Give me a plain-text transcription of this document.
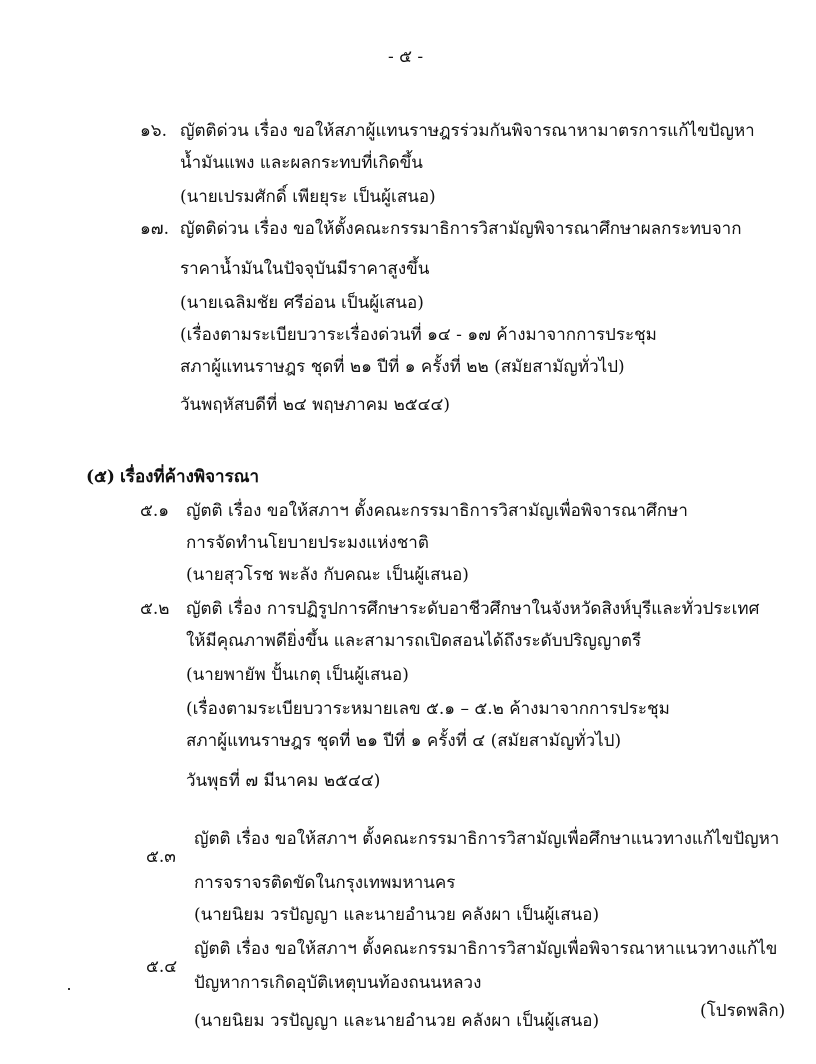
- ๕ -
๑๖. ญัตติด่วน เรื่อง ขอให้สภาผู้แทนราษฎรร่วมกันพิจารณาหามาตรการแก้ไขปัญหา
น้ำมันแพง และผลกระทบที่เกิดขึ้น
(นายเปรมศักดิ์ เพียยุระ เป็นผู้เสนอ)
๑๗. ญัตติด่วน เรื่อง ขอให้ตั้งคณะกรรมาธิการวิสามัญพิจารณาศึกษาผลกระทบจาก
ราคาน้ำมันในปัจจุบันมีราคาสูงขึ้น
(นายเฉลิมชัย ศรีอ่อน เป็นผู้เสนอ)
(เรื่องตามระเบียบวาระเรื่องด่วนที่ ๑๔ - ๑๗ ค้างมาจากการประชุม
สภาผู้แทนราษฎร ชุดที่ ๒๑ ปีที่ ๑ ครั้งที่ ๒๒ (สมัยสามัญทั่วไป)
วันพฤหัสบดีที่ ๒๔ พฤษภาคม ๒๕๔๔)
(๕) เรื่องที่ค้างพิจารณา
๕.๑ ญัตติ เรื่อง ขอให้สภาฯ ตั้งคณะกรรมาธิการวิสามัญเพื่อพิจารณาศึกษา
การจัดทำนโยบายประมงแห่งชาติ
(นายสุวโรช พะลัง กับคณะ เป็นผู้เสนอ)
๕.๒ ญัตติ เรื่อง การปฏิรูปการศึกษาระดับอาชีวศึกษาในจังหวัดสิงห์บุรีและทั่วประเทศ
ให้มีคุณภาพดียิ่งขึ้น และสามารถเปิดสอนได้ถึงระดับปริญญาตรี
(นายพายัพ ปั้นเกตุ เป็นผู้เสนอ)
(เรื่องตามระเบียบวาระหมายเลข ๕.๑ – ๕.๒ ค้างมาจากการประชุม
สภาผู้แทนราษฎร ชุดที่ ๒๑ ปีที่ ๑ ครั้งที่ ๔ (สมัยสามัญทั่วไป)
วันพุธที่ ๗ มีนาคม ๒๕๔๔)
๕.๓
ญัตติ เรื่อง ขอให้สภาฯ ตั้งคณะกรรมาธิการวิสามัญเพื่อศึกษาแนวทางแก้ไขปัญหา
การจราจรติดขัดในกรุงเทพมหานคร
(นายนิยม วรปัญญา และนายอำนวย คลังผา เป็นผู้เสนอ)
๕.๔
ญัตติ เรื่อง ขอให้สภาฯ ตั้งคณะกรรมาธิการวิสามัญเพื่อพิจารณาหาแนวทางแก้ไข
ปัญหาการเกิดอุบัติเหตุบนท้องถนนหลวง
(นายนิยม วรปัญญา และนายอำนวย คลังผา เป็นผู้เสนอ)	(โปรดพลิก)
